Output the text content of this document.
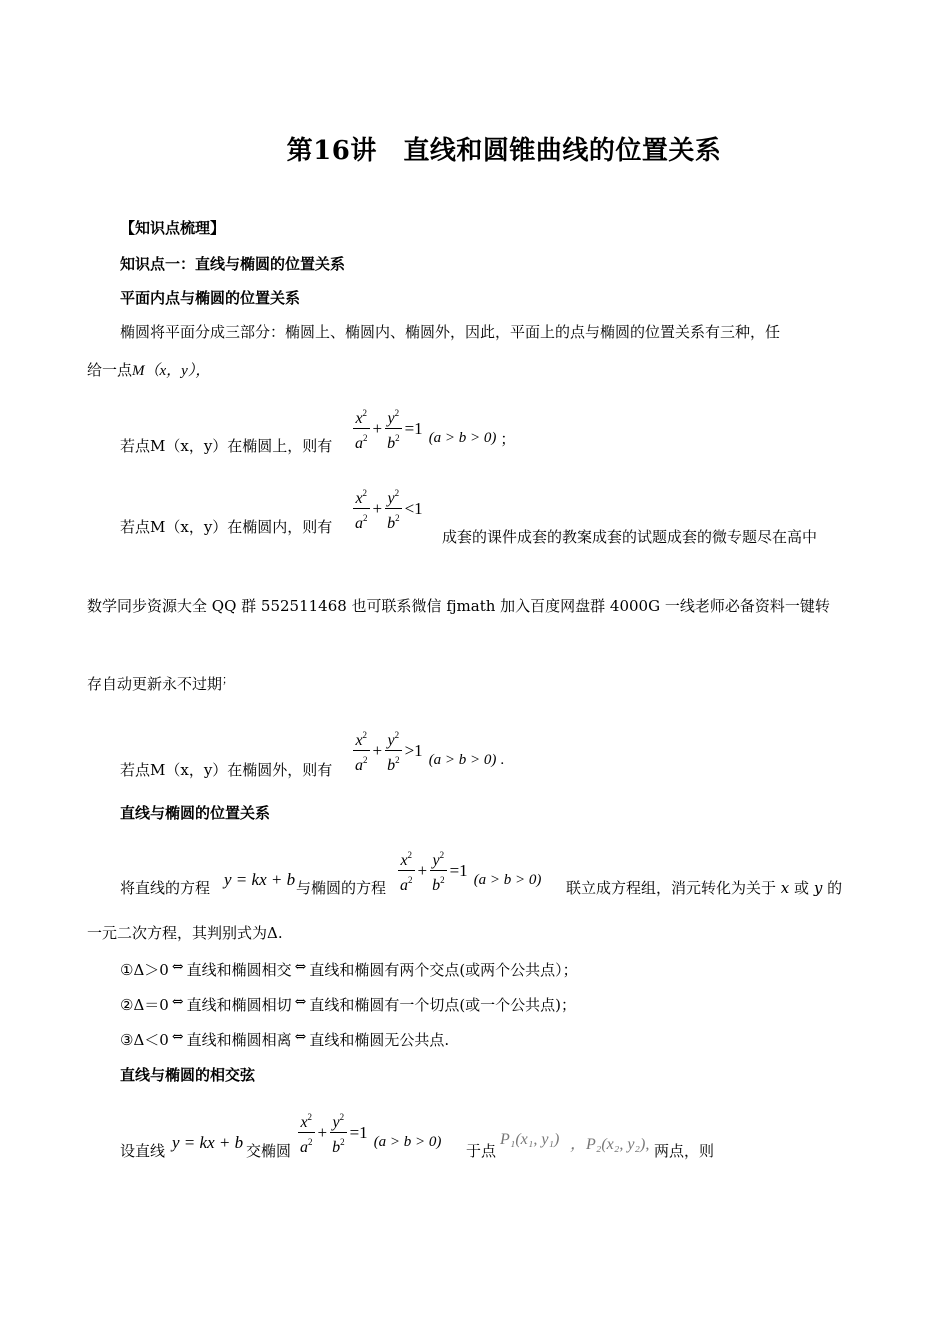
第16讲　直线和圆锥曲线的位置关系
【知识点梳理】
知识点一：直线与椭圆的位置关系
平面内点与椭圆的位置关系
椭圆将平面分成三部分：椭圆上、椭圆内、椭圆外，因此，平面上的点与椭圆的位置关系有三种，任
给一点M（x，y），
若点M（x，y）在椭圆上，则有 $\frac{x^2}{a^2} + \frac{y^2}{b^2} =1$
(a > b > 0) ；
若点M（x，y）在椭圆内，则有 $\frac{x^2}{a^2} + \frac{y^2}{b^2} <1$
成套的课件成套的教案成套的试题成套的微专题尽在高中
数学同步资源大全 QQ 群 552511468 也可联系微信 fjmath 加入百度网盘群 4000G 一线老师必备资料一键转
存自动更新永不过期；
若点M（x，y）在椭圆外，则有 $\frac{x^2}{a^2} + \frac{y^2}{b^2} >1$
(a > b > 0) .
直线与椭圆的位置关系
将直线的方程 y = kx + b 与椭圆的方程 $\frac{x^2}{a^2} + \frac{y^2}{b^2} =1$
(a > b > 0) 联立成方程组，消元转化为关于 x 或 y 的
一元二次方程，其判别式为Δ.
①Δ＞0 ⇔ 直线和椭圆相交 ⇔ 直线和椭圆有两个交点(或两个公共点）；
②Δ＝0 ⇔ 直线和椭圆相切 ⇔ 直线和椭圆有一个切点(或一个公共点)；
③Δ＜0 ⇔ 直线和椭圆相离 ⇔ 直线和椭圆无公共点.
直线与椭圆的相交弦
设直线 y = kx + b 交椭圆 $\frac{x^2}{a^2} + \frac{y^2}{b^2} =1$
(a > b > 0) 于点
P₁(x₁, y₁) ，P₂(x₂, y₂), 两点，则
